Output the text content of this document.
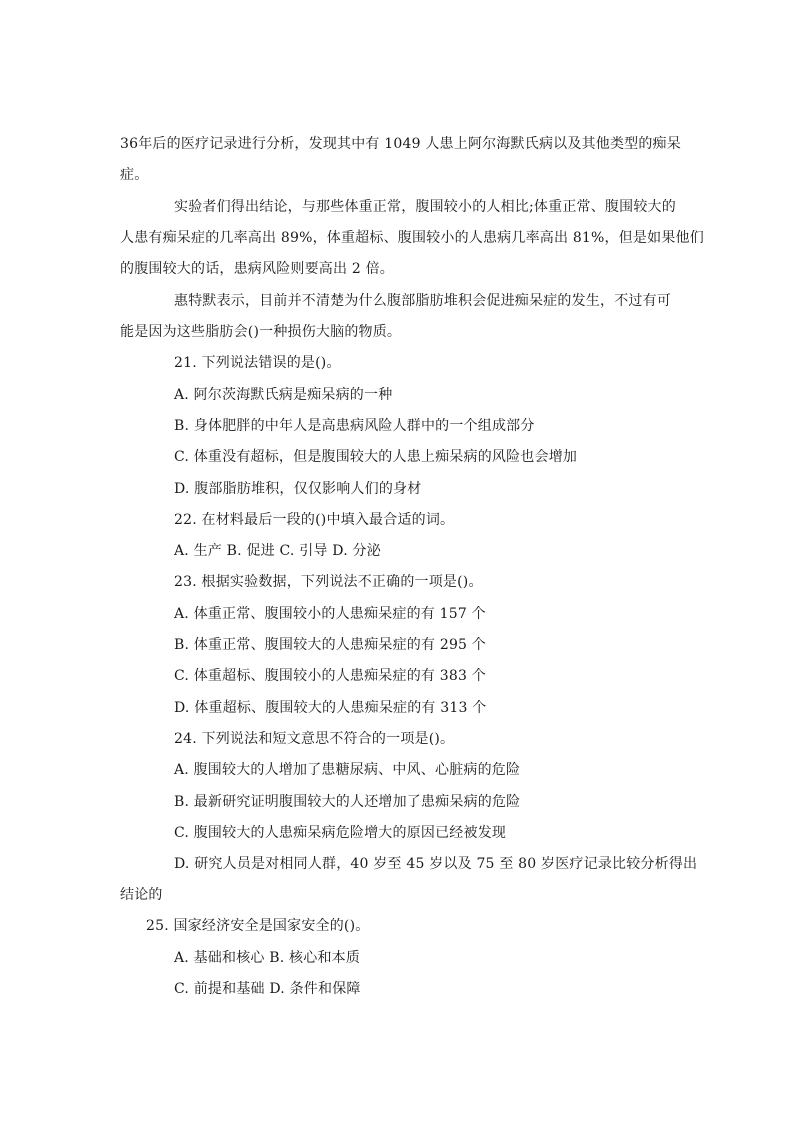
36年后的医疗记录进行分析，发现其中有 1049 人患上阿尔海默氏病以及其他类型的痴呆
症。
实验者们得出结论，与那些体重正常，腹围较小的人相比;体重正常、腹围较大的
人患有痴呆症的几率高出 89%，体重超标、腹围较小的人患病几率高出 81%，但是如果他们
的腹围较大的话，患病风险则要高出 2 倍。
惠特默表示，目前并不清楚为什么腹部脂肪堆积会促进痴呆症的发生，不过有可
能是因为这些脂肪会()一种损伤大脑的物质。
21. 下列说法错误的是()。
A. 阿尔茨海默氏病是痴呆病的一种
B. 身体肥胖的中年人是高患病风险人群中的一个组成部分
C. 体重没有超标，但是腹围较大的人患上痴呆病的风险也会增加
D. 腹部脂肪堆积，仅仅影响人们的身材
22. 在材料最后一段的()中填入最合适的词。
A. 生产 B. 促进 C. 引导 D. 分泌
23. 根据实验数据，下列说法不正确的一项是()。
A. 体重正常、腹围较小的人患痴呆症的有 157 个
B. 体重正常、腹围较大的人患痴呆症的有 295 个
C. 体重超标、腹围较小的人患痴呆症的有 383 个
D. 体重超标、腹围较大的人患痴呆症的有 313 个
24. 下列说法和短文意思不符合的一项是()。
A. 腹围较大的人增加了患糖尿病、中风、心脏病的危险
B. 最新研究证明腹围较大的人还增加了患痴呆病的危险
C. 腹围较大的人患痴呆病危险增大的原因已经被发现
D. 研究人员是对相同人群，40 岁至 45 岁以及 75 至 80 岁医疗记录比较分析得出
结论的
25. 国家经济安全是国家安全的()。
A. 基础和核心 B. 核心和本质
C. 前提和基础 D. 条件和保障
